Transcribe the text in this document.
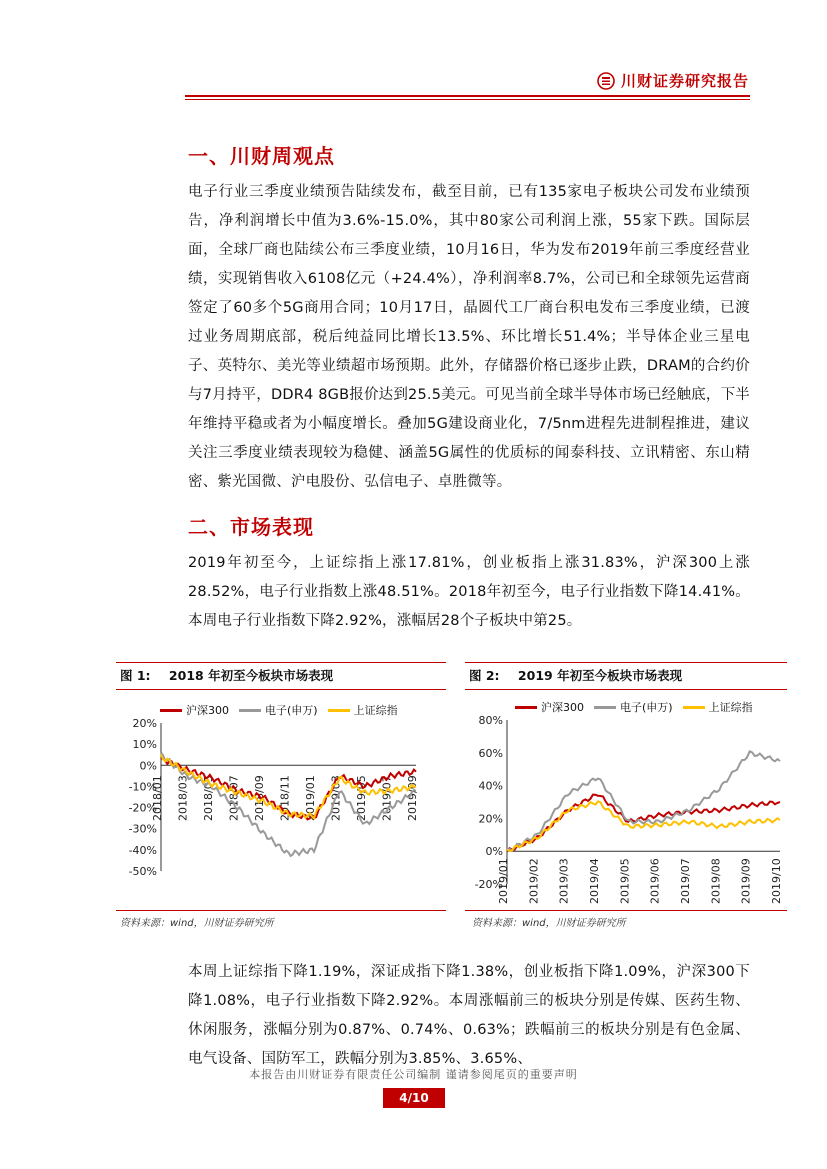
川财证券研究报告
一、川财周观点

电子行业三季度业绩预告陆续发布，截至目前，已有135家电子板块公司发布业绩预告，净利润增长中值为3.6%-15.0%，其中80家公司利润上涨，55家下跌。国际层面，全球厂商也陆续公布三季度业绩，10月16日，华为发布2019年前三季度经营业绩，实现销售收入6108亿元（+24.4%），净利润率8.7%，公司已和全球领先运营商签定了60多个5G商用合同；10月17日，晶圆代工厂商台积电发布三季度业绩，已渡过业务周期底部，税后纯益同比增长13.5%、环比增长51.4%；半导体企业三星电子、英特尔、美光等业绩超市场预期。此外，存储器价格已逐步止跌，DRAM的合约价与7月持平，DDR4 8GB报价达到25.5美元。可见当前全球半导体市场已经触底，下半年维持平稳或者为小幅度增长。叠加5G建设商业化，7/5nm进程先进制程推进，建议关注三季度业绩表现较为稳健、涵盖5G属性的优质标的闻泰科技、立讯精密、东山精密、紫光国微、沪电股份、弘信电子、卓胜微等。

二、市场表现

2019年初至今，上证综指上涨17.81%，创业板指上涨31.83%，沪深300上涨28.52%，电子行业指数上涨48.51%。2018年初至今，电子行业指数下降14.41%。本周电子行业指数下降2.92%，涨幅居28个子板块中第25。

图 1: 2018 年初至今板块市场表现
沪深300	电子(申万)	上证综指
20%
10%
0%
-10%
-20%
-30%
-40%
-50%
2018/01 2018/03 2018/05 2018/07 2018/09 2018/11 2019/01 2019/03 2019/05 2019/07 2019/09
资料来源：wind，川财证券研究所
图 2: 2019 年初至今板块市场表现
沪深300	电子(申万)	上证综指
80%
60%
40%
20%
0%
-20%
2019/01 2019/02 2019/03 2019/04 2019/05 2019/06 2019/07 2019/08 2019/09 2019/10
资料来源：wind，川财证券研究所

本周上证综指下降1.19%，深证成指下降1.38%，创业板指下降1.09%，沪深300下降1.08%，电子行业指数下降2.92%。本周涨幅前三的板块分别是传媒、医药生物、休闲服务，涨幅分别为0.87%、0.74%、0.63%；跌幅前三的板块分别是有色金属、电气设备、国防军工，跌幅分别为3.85%、3.65%、

本报告由川财证券有限责任公司编制 谨请参阅尾页的重要声明
4/10
